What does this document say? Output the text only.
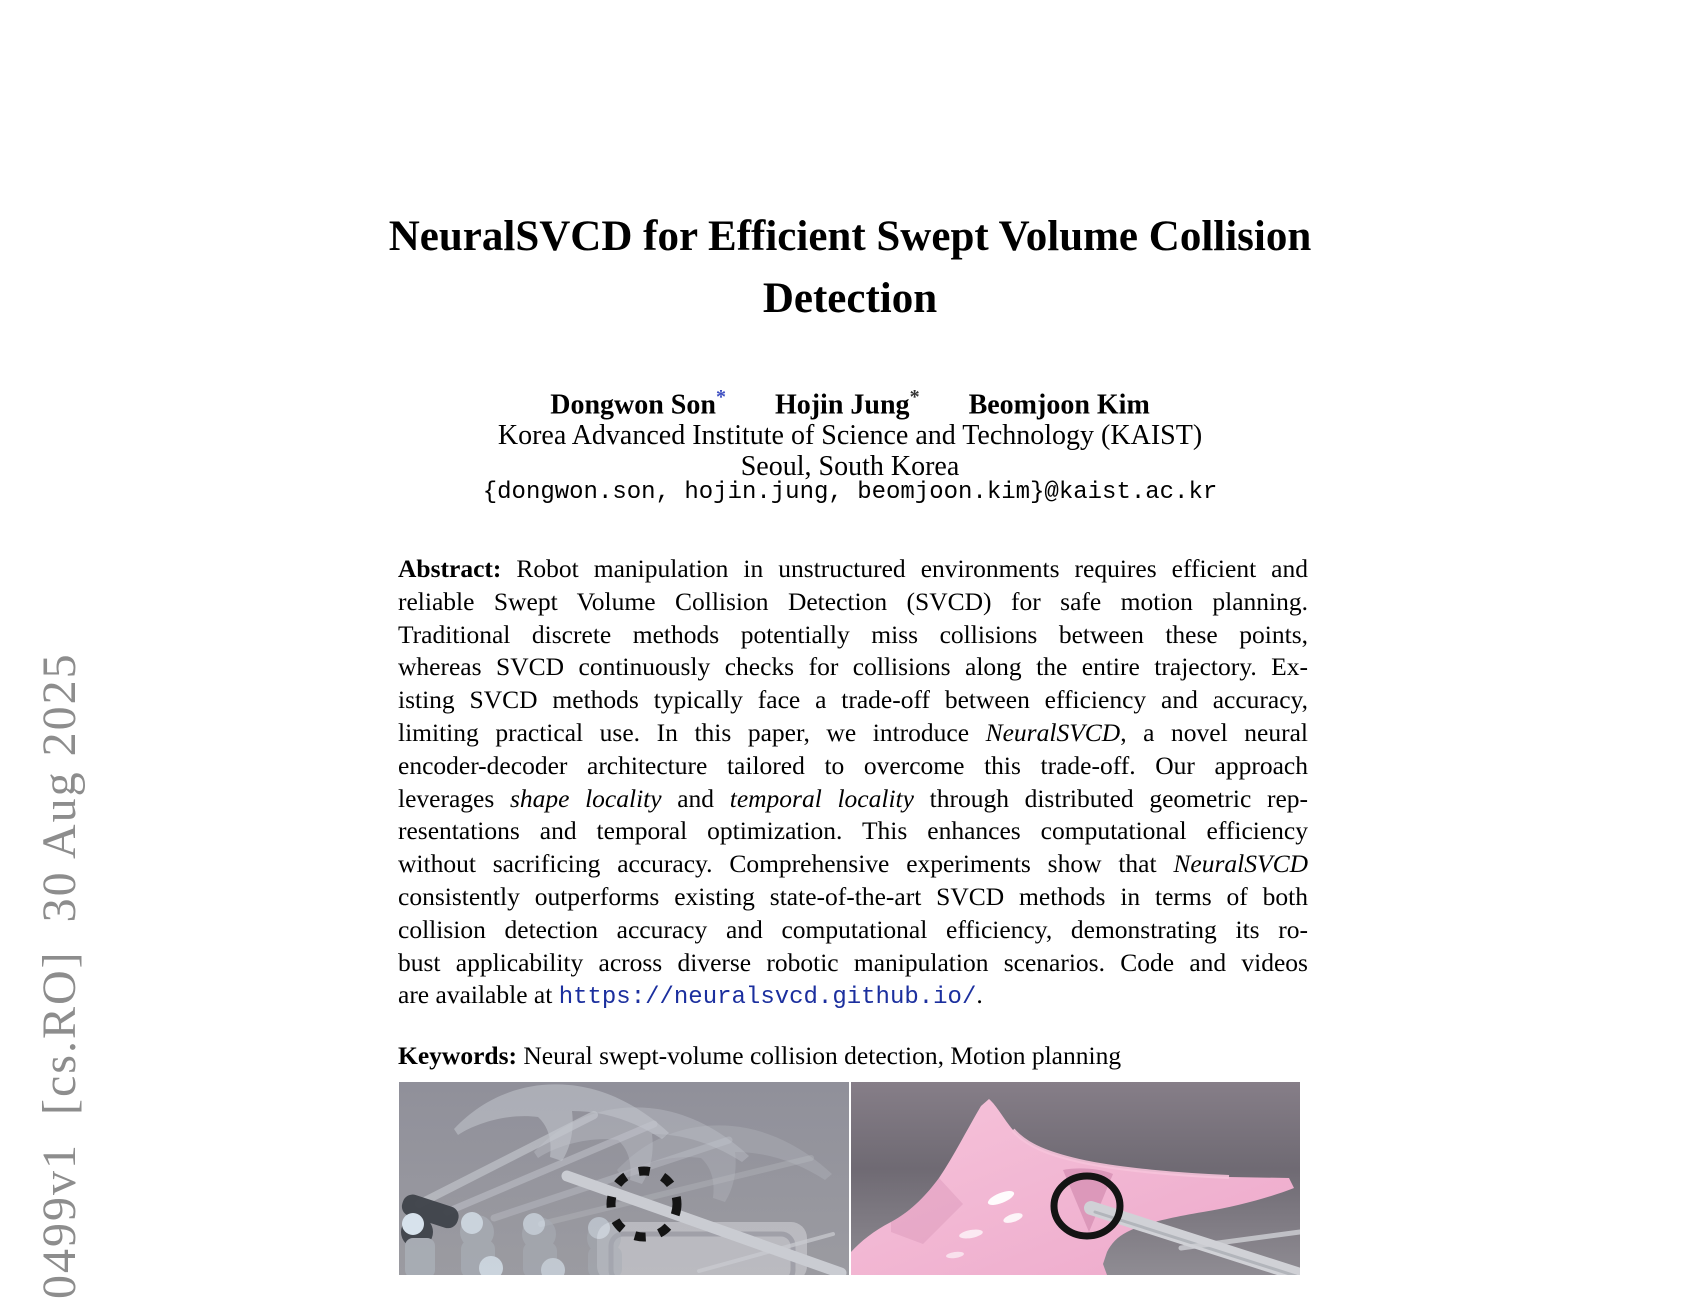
0499v1  [cs.RO]  30 Aug 2025
NeuralSVCD for Efficient Swept Volume Collision
Detection
Dongwon Son* Hojin Jung* Beomjoon Kim
Korea Advanced Institute of Science and Technology (KAIST)
Seoul, South Korea
{dongwon.son, hojin.jung, beomjoon.kim}@kaist.ac.kr
Abstract: Robot manipulation in unstructured environments requires efficient and
reliable Swept Volume Collision Detection (SVCD) for safe motion planning.
Traditional discrete methods potentially miss collisions between these points,
whereas SVCD continuously checks for collisions along the entire trajectory. Ex-
isting SVCD methods typically face a trade-off between efficiency and accuracy,
limiting practical use. In this paper, we introduce NeuralSVCD, a novel neural
encoder-decoder architecture tailored to overcome this trade-off. Our approach
leverages shape locality and temporal locality through distributed geometric rep-
resentations and temporal optimization. This enhances computational efficiency
without sacrificing accuracy. Comprehensive experiments show that NeuralSVCD
consistently outperforms existing state-of-the-art SVCD methods in terms of both
collision detection accuracy and computational efficiency, demonstrating its ro-
bust applicability across diverse robotic manipulation scenarios. Code and videos
are available at https://neuralsvcd.github.io/.
Keywords: Neural swept-volume collision detection, Motion planning
